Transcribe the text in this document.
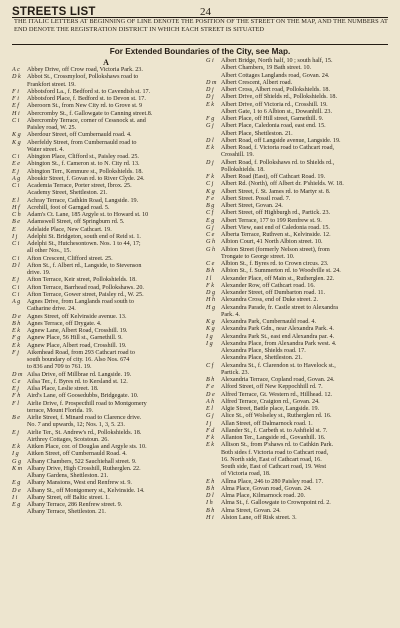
STREETS LIST	24
THE ITALIC LETTERS AT BEGINNING OF LINE DENOTE THE POSITION OF THE STREET ON THE MAP, AND THE NUMBERS AT END DENOTE THE REGISTRATION DISTRICT IN WHICH EACH STREET IS SITUATED
For Extended Boundaries of the City, see Map.
A
A c	Abbey Drive, off Crow road, Victoria Park. 23.
D k	Abbot St., Crossmyloof, Pollokshaws road to
Frankfort street. 19.
F i	Abbotsford La., f. Bedford st. to Cavendish st. 17.
F i	Abbotsford Place, f. Bedford st. to Devon st. 17.
E f	Aberoorn St., from New City rd. to Grove st. 9
H i	Abercromby St., f. Gallowgate to Canning street.8.
C i	Abercromby Terrace, corner of Cessnock st. and
Paisley road, W. 25.
K g	Aberdour Street, off Cumbernauld road. 4.
K g	Aberfeldy Street, from Cumbernauld road to
Water street. 4.
C i	Abington Place, Clifford st., Paisley road. 25.
E e	Abington St., f. Cameron st. to N. City rd. 13.
E j	Abington Terr., Kenmure st., Pollokshields. 18.
A g	Aboukir Street, f. Govan rd. to River Clyde. 24.
C i	Academia Terrace, Porter street, Ibrox. 25.
Academy Street, Shettleston. 21.
E l	Achray Terrace, Cathkin Road, Langside. 19.
H f	Acrehill, foot of Garngad road. 5.
C h	Adam's Ct. Lane, 185 Argyle st. to Howard st. 10
B e	Adamswell Street, off Springburn rd. 5.
E	Adelaide Place, New Cathcart. 19.
I j	Adelphi St. Bridgeton, south end of Reid st. 1.
C i	Adelphi St., Hutchesontown. Nos. 1 to 44, 17;
all other Nos., 15.
C i	Afton Crescent, Clifford street. 25.
D l	Afton St., f. Albert rd., Langside, to Stevenson
drive. 19.
E j	Afton Terrace, Keir street, Pollokshields. 18.
C i	Afton Terrace, Barrhead road, Pollokshaws. 20.
C i	Afton Terrace, Gower street, Paisley rd., W. 25.
A g	Agnes Drive, from Langlands road south to
Catharine drive. 24.
D e	Agnes Street, off Kelvinside avenue. 13.
B h	Agnes Terrace, off Drygate. 4.
E k	Agnew Lane, Albert Road, Crosshill. 19.
F g	Agnew Place, 56 Hill st., Garnethill. 9.
E k	Agnew Place, Albert road, Crosshill. 19.
F j	Aikenhead Road, from 293 Cathcart road to
south boundary of city. 16. Also Nos. 674
to 836 and 709 to 761. 19.
D m Ailsa Drive, off Millbrae rd. Langside. 19.
C e	Ailsa Ter., f. Byres rd. to Kersland st. 12.
E j	Ailsa Place, Leslie street. 18.
F h	Aird's Lane, off Goosedubbs, Bridgegate. 10.
F l	Airlie Drive, f. Prospecthill road to Montgomery
terrace, Mount Florida. 19.
B e	Airlie Street, f. Minard road to Clarence drive.
No. 7 and upwards, 12; Nos. 1, 3, 5. 23.
E j	Airlie Ter., St. Andrew's rd., Pollokshields. 18.
Airthrey Cottages, Scotstoun. 26.
E k	Aitken Place, cor. of Douglas and Argyle sts. 10.
I g	Aitken Street, off Cumbernauld Road. 4.
G g Albany Chambers, 522 Sauchiehall street. 9.
K m Albany Drive, High Crosshill, Rutherglen. 22.
Albany Gardens, Shettleston. 21.
E g	Albany Mansions, West end Renfrew st. 9.
D e	Albany St., off Montgomery st., Kelvinside. 14.
I i	Albany Street, off Baltic street. 1.
E g	Albany Terrace, 286 Renfrew street. 9.
Albany Terrace, Shettleston. 21.
G i	Albert Bridge, North half, 10 ; south half, 15.
Albert Chambers, 19 Bath street. 10.
Albert Cottages Langlands road, Govan. 24.
D m Albert Crescent, Albert road.
D j	Albert Cross, Albert road, Pollokshields. 18.
D j	Albert Drive, off Shields rd., Pollokshields. 18.
E k	Albert Drive, off Victoria rd., Crosshill. 19.
Albert Gate, 1 to 6 Albion st., Dowanhill. 23.
F g	Albert Place, off Hill street, Garnethill. 9.
G j	Albert Place, Caledonia road, east end. 15.
Albert Place, Shettleston. 21.
D l	Albert Road, off Langside avenue, Langside. 19.
E k	Albert Road, f. Victoria road to Cathcart road,
Crosshill. 19.
D j	Albert Road, f. Pollokshaws rd. to Shields rd.,
Pollokshields. 18.
F k	Albert Road (East), off Cathcart Road. 19.
C j	Albert Rd. (North), off Albert dr. P'shields. W. 18.
K g	Albert Street, f. St. James rd. to Martyr st. 8.
F e	Albert Street. Possil road. 7.
B g	Albert Street, Govan. 24.
C f	Albert Street, off Highburgh rd., Partick. 23.
E g	Albert Terrace, 177 to 199 Renfrew st. 9.
G j	Albert View, east end of Caledonia road. 15.
C e	Alberta Terrace, Ruthven st., Kelvinside. 12.
G h Albion Court, 41 North Albion street. 10.
G h Albion Street (formerly Nelson street), from
Trongate to George street. 10.
C e	Albion St., f. Byres rd. to Crown circus. 23.
B h	Albion St., f. Summerton rd. to Woodville st. 24.
I l	Alexander Place, off Main st., Rutherglen. 22.
F k	Alexander Row, off Cathcart road. 16.
D g Alexander Street, off Dumbarton road. 11.
H h Alexandra Cross, end of Duke street. 2.
H g Alexandra Parade, fr. Castle street to Alexandra
Park. 4.
K g	Alexandra Park, Cumbernauld road. 4.
K g	Alexandra Park Gdn., near Alexandra Park. 4.
I g	Alexandra Park St., east end Alexandra par. 4.
I g	Alexandra Place, from Alexandra Park west. 4.
Alexandra Place, Shields road. 17.
Alexandra Place, Shettleston. 21.
C f	Alexandra St., f. Clarendon st. to Havelock st.,
Partick. 23.
B h	Alexandria Terrace, Copland road, Govan. 24.
F e	Alford Street, off New Keppochhill rd. 7.
D e	Alfred Terrace, Gt. Western rd., Hillhead. 12.
A h	Alfred Terrace, Craigton rd., Govan. 24.
E l	Algie Street, Battle place, Langside. 19.
G j	Alice St., off Wolseley st., Rutherglen rd. 16.
I j	Allan Street, off Dalmarnock road. 1.
F d	Allander St., f. Carbeth st. to Ashfield st. 7.
F k	Allanton Ter., Langside rd., Govanhill. 16.
E k	Allison St., from P'shaws rd. to Cathkin Park.
Both sides f. Victoria road to Cathcart road,
16. North side, East of Cathcart road, 16.
South side, East of Cathcart road, 19. West
of Victoria road, 18.
E h	Allma Place, 246 to 280 Paisley road. 17.
B h	Alma Place, Govan road, Govan. 24.
D l	Alma Place, Kilmarnock road. 20.
I h	Alma St., f. Gallowgate to Crownpoint rd. 2.
B h	Alma Street, Govan. 24.
H i	Alston Lane, off Risk street. 3.
